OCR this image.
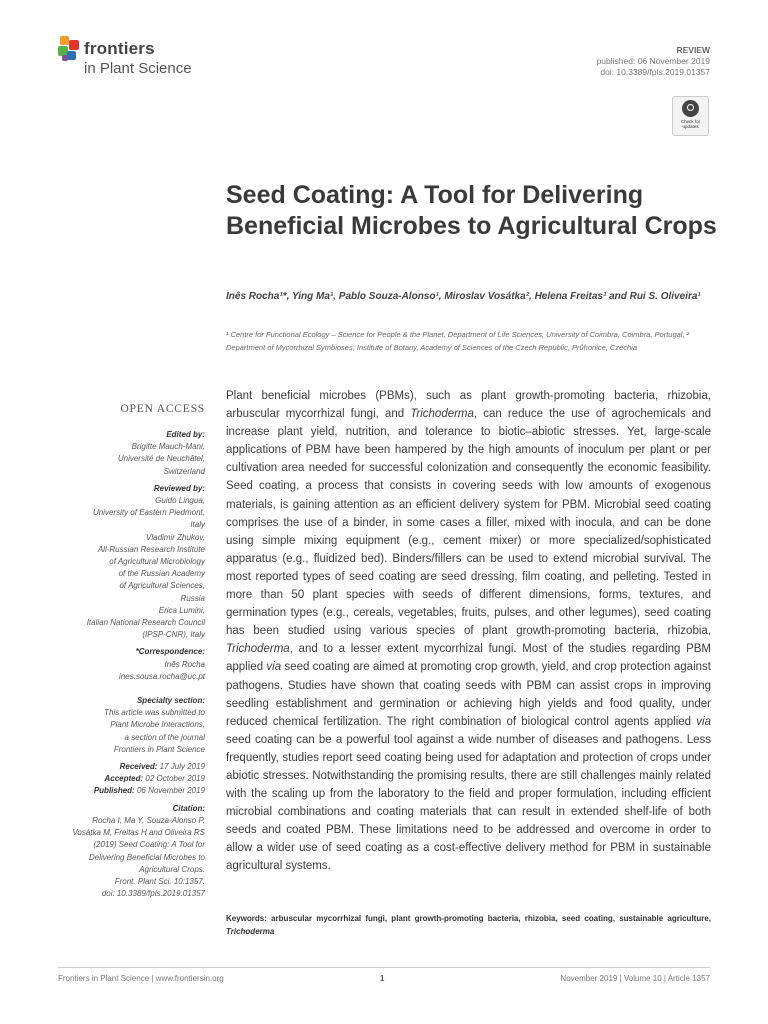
frontiers
in Plant Science
REVIEW
published: 06 November 2019
doi: 10.3389/fpls.2019.01357
Check for updates
Seed Coating: A Tool for Delivering Beneficial Microbes to Agricultural Crops
Inês Rocha¹*, Ying Ma¹, Pablo Souza-Alonso¹, Miroslav Vosátka², Helena Freitas¹ and Rui S. Oliveira¹
¹ Centre for Functional Ecology – Science for People & the Planet, Department of Life Sciences, University of Coimbra, Coimbra, Portugal, ² Department of Mycorrhizal Symbioses, Institute of Botany, Academy of Sciences of the Czech Republic, Průhonice, Czechia
OPEN ACCESS
Edited by:
Brigitte Mauch-Mani,
Université de Neuchâtel,
Switzerland
Reviewed by:
Guido Lingua,
University of Eastern Piedmont,
Italy
Vladimir Zhukov,
All-Russian Research Institute
of Agricultural Microbiology
of the Russian Academy
of Agricultural Sciences,
Russia
Erica Lumini,
Italian National Research Council
(IPSP-CNR), Italy
*Correspondence:
Inês Rocha
ines.sousa.rocha@uc.pt
Specialty section:
This article was submitted to
Plant Microbe Interactions,
a section of the journal
Frontiers in Plant Science
Received: 17 July 2019
Accepted: 02 October 2019
Published: 06 November 2019
Citation:
Rocha I, Ma Y, Souza-Alonso P,
Vosátka M, Freitas H and Oliveira RS
(2019) Seed Coating: A Tool for
Delivering Beneficial Microbes to
Agricultural Crops.
Front. Plant Sci. 10:1357.
doi: 10.3389/fpls.2019.01357
Plant beneficial microbes (PBMs), such as plant growth-promoting bacteria, rhizobia, arbuscular mycorrhizal fungi, and Trichoderma, can reduce the use of agrochemicals and increase plant yield, nutrition, and tolerance to biotic–abiotic stresses. Yet, large-scale applications of PBM have been hampered by the high amounts of inoculum per plant or per cultivation area needed for successful colonization and consequently the economic feasibility. Seed coating, a process that consists in covering seeds with low amounts of exogenous materials, is gaining attention as an efficient delivery system for PBM. Microbial seed coating comprises the use of a binder, in some cases a filler, mixed with inocula, and can be done using simple mixing equipment (e.g., cement mixer) or more specialized/sophisticated apparatus (e.g., fluidized bed). Binders/fillers can be used to extend microbial survival. The most reported types of seed coating are seed dressing, film coating, and pelleting. Tested in more than 50 plant species with seeds of different dimensions, forms, textures, and germination types (e.g., cereals, vegetables, fruits, pulses, and other legumes), seed coating has been studied using various species of plant growth-promoting bacteria, rhizobia, Trichoderma, and to a lesser extent mycorrhizal fungi. Most of the studies regarding PBM applied via seed coating are aimed at promoting crop growth, yield, and crop protection against pathogens. Studies have shown that coating seeds with PBM can assist crops in improving seedling establishment and germination or achieving high yields and food quality, under reduced chemical fertilization. The right combination of biological control agents applied via seed coating can be a powerful tool against a wide number of diseases and pathogens. Less frequently, studies report seed coating being used for adaptation and protection of crops under abiotic stresses. Notwithstanding the promising results, there are still challenges mainly related with the scaling up from the laboratory to the field and proper formulation, including efficient microbial combinations and coating materials that can result in extended shelf-life of both seeds and coated PBM. These limitations need to be addressed and overcome in order to allow a wider use of seed coating as a cost-effective delivery method for PBM in sustainable agricultural systems.
Keywords: arbuscular mycorrhizal fungi, plant growth-promoting bacteria, rhizobia, seed coating, sustainable agriculture, Trichoderma
Frontiers in Plant Science | www.frontiersin.org	1	November 2019 | Volume 10 | Article 1357
